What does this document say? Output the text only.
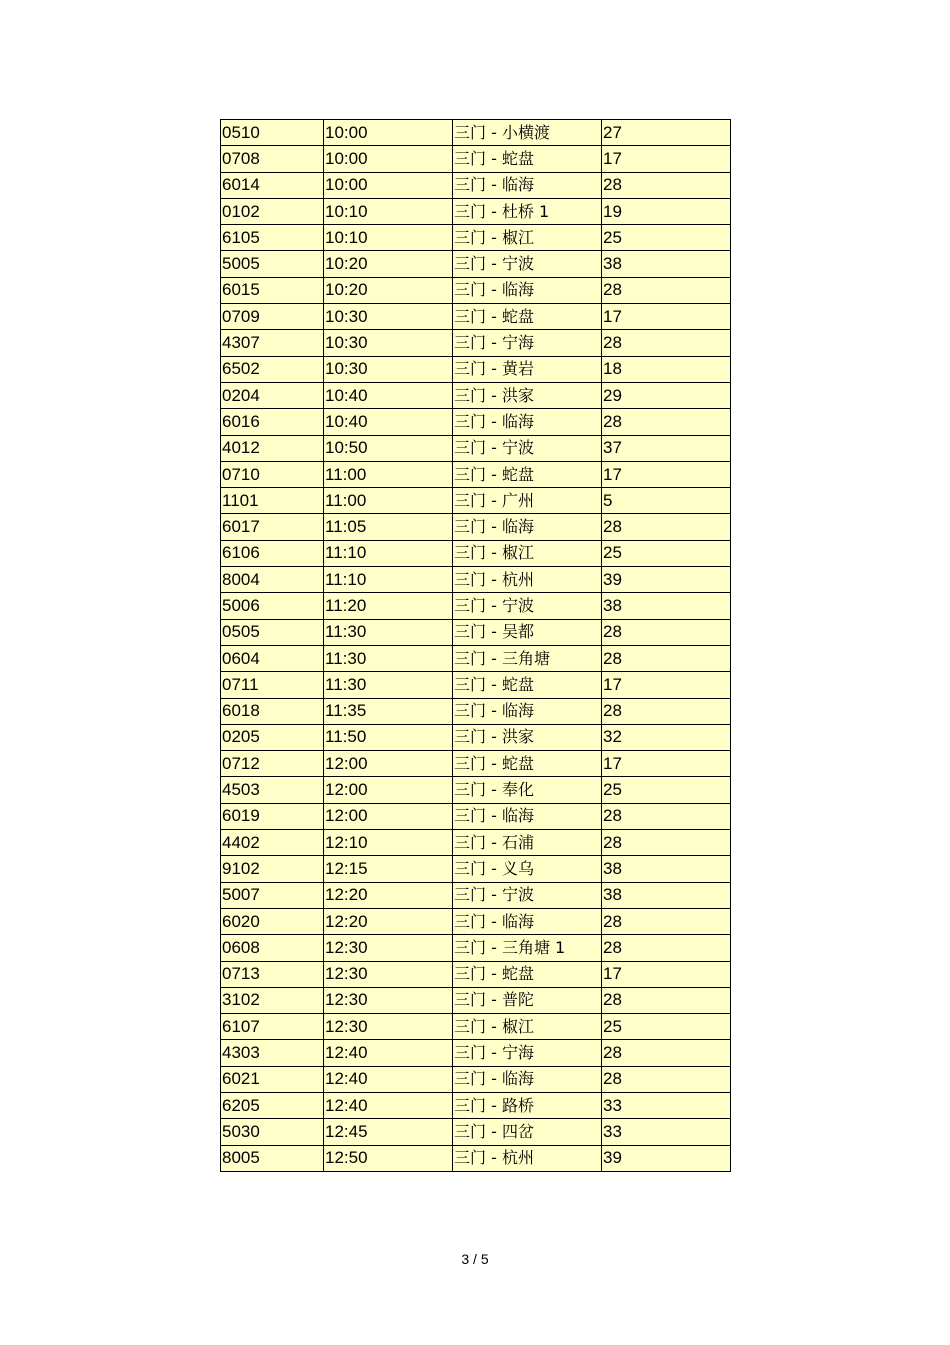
0510	10:00	三门 - 小横渡	27
0708	10:00	三门 - 蛇盘	17
6014	10:00	三门 - 临海	28
0102	10:10	三门 - 杜桥 1	19
6105	10:10	三门 - 椒江	25
5005	10:20	三门 - 宁波	38
6015	10:20	三门 - 临海	28
0709	10:30	三门 - 蛇盘	17
4307	10:30	三门 - 宁海	28
6502	10:30	三门 - 黄岩	18
0204	10:40	三门 - 洪家	29
6016	10:40	三门 - 临海	28
4012	10:50	三门 - 宁波	37
0710	11:00	三门 - 蛇盘	17
1101	11:00	三门 - 广州	5
6017	11:05	三门 - 临海	28
6106	11:10	三门 - 椒江	25
8004	11:10	三门 - 杭州	39
5006	11:20	三门 - 宁波	38
0505	11:30	三门 - 吴都	28
0604	11:30	三门 - 三角塘	28
0711	11:30	三门 - 蛇盘	17
6018	11:35	三门 - 临海	28
0205	11:50	三门 - 洪家	32
0712	12:00	三门 - 蛇盘	17
4503	12:00	三门 - 奉化	25
6019	12:00	三门 - 临海	28
4402	12:10	三门 - 石浦	28
9102	12:15	三门 - 义乌	38
5007	12:20	三门 - 宁波	38
6020	12:20	三门 - 临海	28
0608	12:30	三门 - 三角塘 1	28
0713	12:30	三门 - 蛇盘	17
3102	12:30	三门 - 普陀	28
6107	12:30	三门 - 椒江	25
4303	12:40	三门 - 宁海	28
6021	12:40	三门 - 临海	28
6205	12:40	三门 - 路桥	33
5030	12:45	三门 - 四岔	33
8005	12:50	三门 - 杭州	39
3 / 5
